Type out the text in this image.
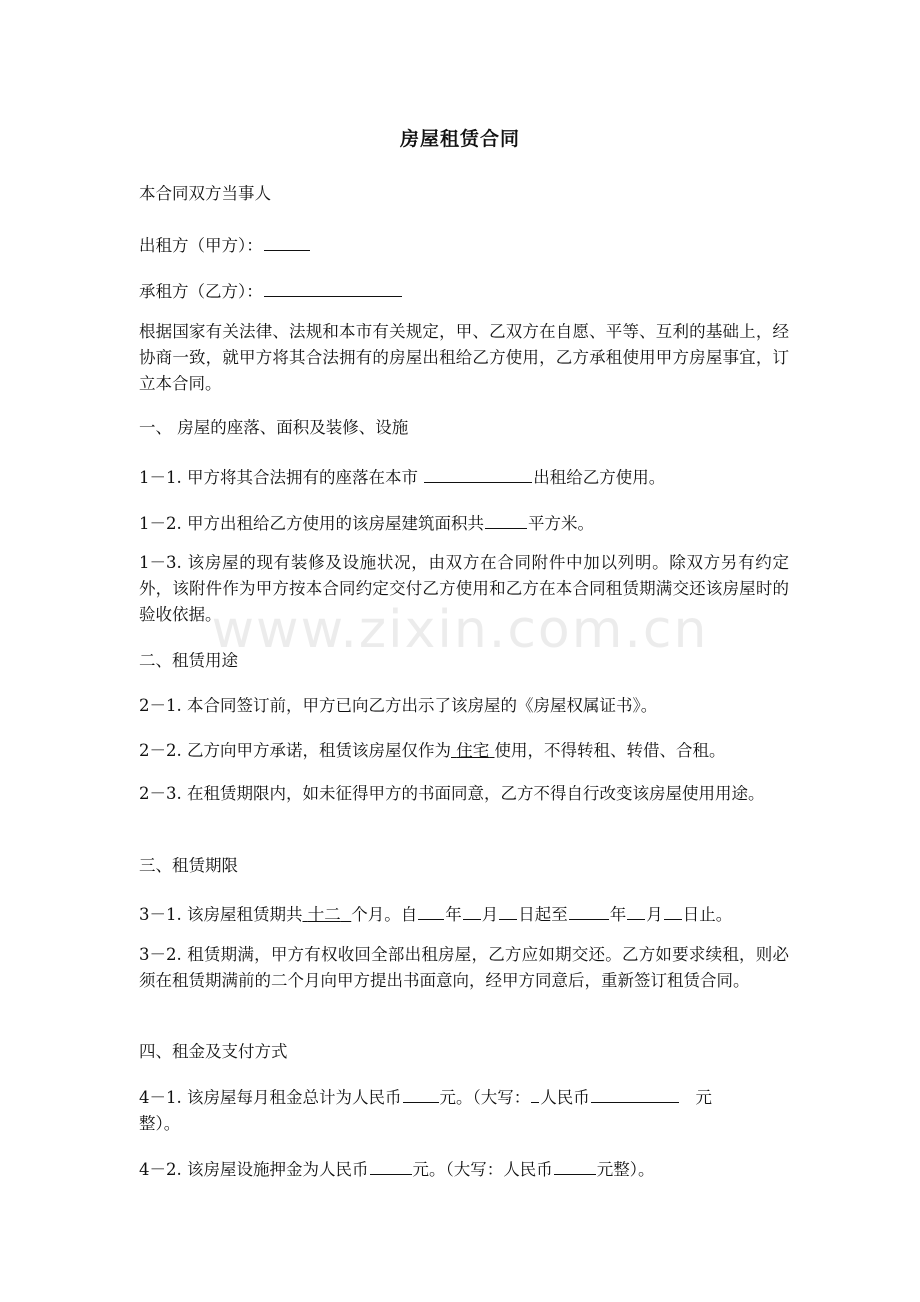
www.zixin.com.cn
房屋租赁合同
本合同双方当事人
出租方（甲方）：
承租方（乙方）：
根据国家有关法律、法规和本市有关规定，甲、乙双方在自愿、平等、互利的基础上，经协商一致，就甲方将其合法拥有的房屋出租给乙方使用，乙方承租使用甲方房屋事宜，订立本合同。
一、 房屋的座落、面积及装修、设施
1－1. 甲方将其合法拥有的座落在本市	出租给乙方使用。
1－2. 甲方出租给乙方使用的该房屋建筑面积共	平方米。
1－3. 该房屋的现有装修及设施状况，由双方在合同附件中加以列明。除双方另有约定外，该附件作为甲方按本合同约定交付乙方使用和乙方在本合同租赁期满交还该房屋时的验收依据。
二、租赁用途
2－1. 本合同签订前，甲方已向乙方出示了该房屋的《房屋权属证书》。
2－2. 乙方向甲方承诺，租赁该房屋仅作为 住宅 使用，不得转租、转借、合租。
2－3. 在租赁期限内，如未征得甲方的书面同意，乙方不得自行改变该房屋使用用途。
三、租赁期限
3－1. 该房屋租赁期共 十二 个月。自 年 月 日起至	年 月 日止。
3－2. 租赁期满，甲方有权收回全部出租房屋，乙方应如期交还。乙方如要求续租，则必须在租赁期满前的二个月向甲方提出书面意向，经甲方同意后，重新签订租赁合同。
四、租金及支付方式
4－1. 该房屋每月租金总计为人民币 元。（大写： 人民币	元
整）。
4－2. 该房屋设施押金为人民币	元。（大写：人民币	元整）。
